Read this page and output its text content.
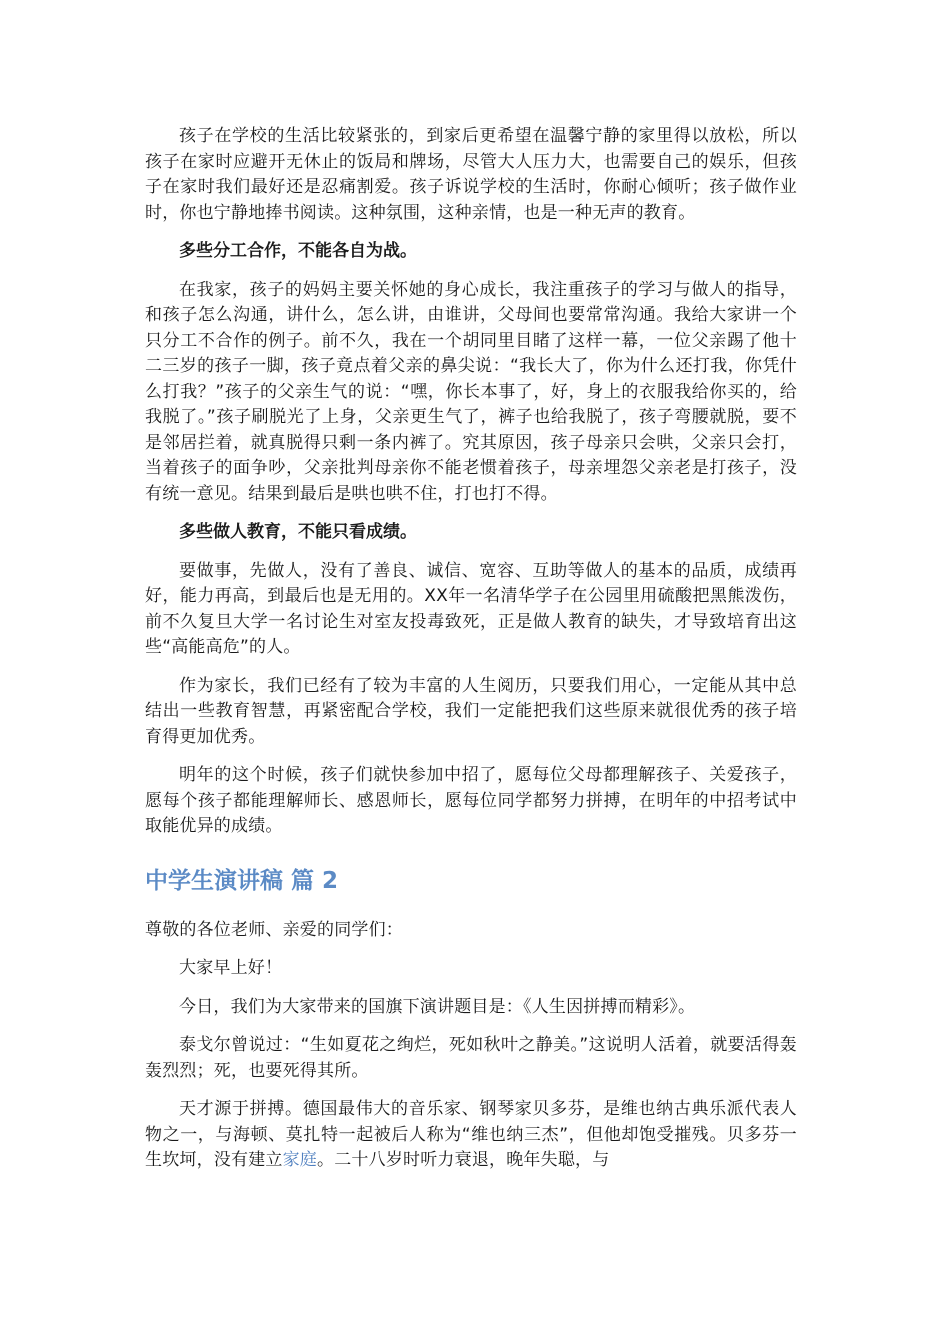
孩子在学校的生活比较紧张的，到家后更希望在温馨宁静的家里得以放松，所以孩子在家时应避开无休止的饭局和牌场，尽管大人压力大，也需要自己的娱乐，但孩子在家时我们最好还是忍痛割爱。孩子诉说学校的生活时，你耐心倾听；孩子做作业时，你也宁静地捧书阅读。这种氛围，这种亲情，也是一种无声的教育。

多些分工合作，不能各自为战。

在我家，孩子的妈妈主要关怀她的身心成长，我注重孩子的学习与做人的指导，和孩子怎么沟通，讲什么，怎么讲，由谁讲，父母间也要常常沟通。我给大家讲一个只分工不合作的例子。前不久，我在一个胡同里目睹了这样一幕，一位父亲踢了他十二三岁的孩子一脚，孩子竟点着父亲的鼻尖说：“我长大了，你为什么还打我，你凭什么打我？”孩子的父亲生气的说：“嘿，你长本事了，好，身上的衣服我给你买的，给我脱了。”孩子刷脱光了上身，父亲更生气了，裤子也给我脱了，孩子弯腰就脱，要不是邻居拦着，就真脱得只剩一条内裤了。究其原因，孩子母亲只会哄，父亲只会打，当着孩子的面争吵，父亲批判母亲你不能老惯着孩子，母亲埋怨父亲老是打孩子，没有统一意见。结果到最后是哄也哄不住，打也打不得。

多些做人教育，不能只看成绩。

要做事，先做人，没有了善良、诚信、宽容、互助等做人的基本的品质，成绩再好，能力再高，到最后也是无用的。XX年一名清华学子在公园里用硫酸把黑熊泼伤，前不久复旦大学一名讨论生对室友投毒致死，正是做人教育的缺失，才导致培育出这些“高能高危”的人。

作为家长，我们已经有了较为丰富的人生阅历，只要我们用心，一定能从其中总结出一些教育智慧，再紧密配合学校，我们一定能把我们这些原来就很优秀的孩子培育得更加优秀。

明年的这个时候，孩子们就快参加中招了，愿每位父母都理解孩子、关爱孩子，愿每个孩子都能理解师长、感恩师长，愿每位同学都努力拼搏，在明年的中招考试中取能优异的成绩。

中学生演讲稿 篇 2

尊敬的各位老师、亲爱的同学们：

大家早上好！

今日，我们为大家带来的国旗下演讲题目是：《人生因拼搏而精彩》。

泰戈尔曾说过：“生如夏花之绚烂，死如秋叶之静美。”这说明人活着，就要活得轰轰烈烈；死，也要死得其所。

天才源于拼搏。德国最伟大的音乐家、钢琴家贝多芬，是维也纳古典乐派代表人物之一，与海顿、莫扎特一起被后人称为“维也纳三杰”，但他却饱受摧残。贝多芬一生坎坷，没有建立家庭。二十八岁时听力衰退，晚年失聪，与
